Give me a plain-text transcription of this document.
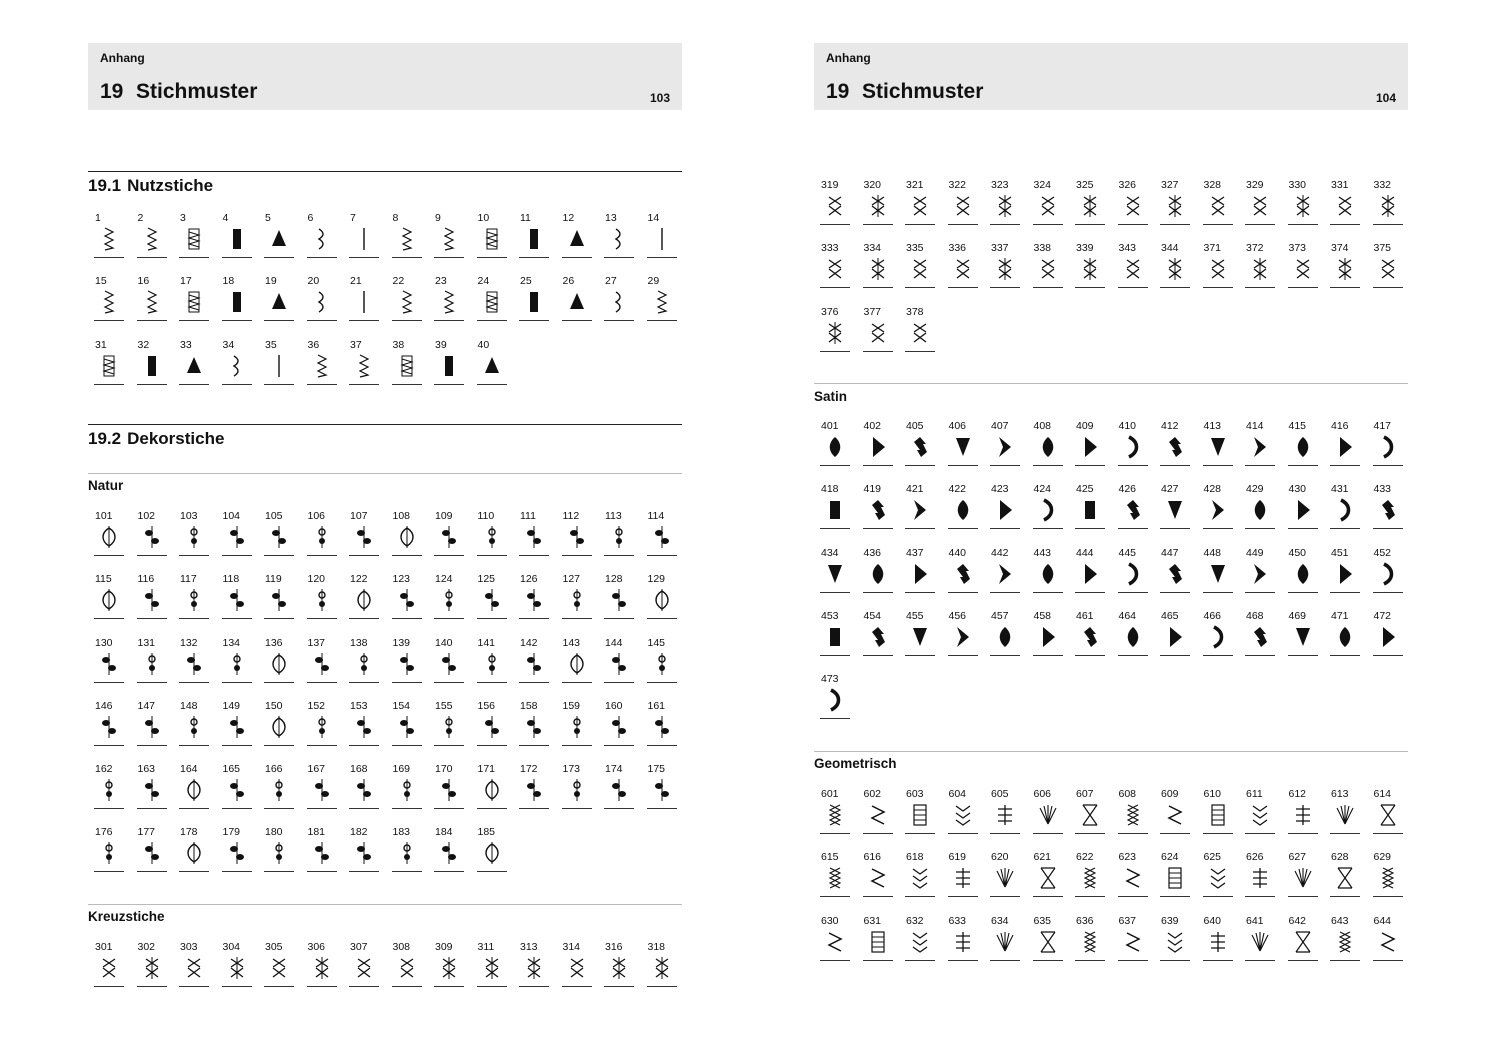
Anhang
19 Stichmuster	103
19.1 Nutzstiche
1	2	3	4	5	6	7	8	9	10	11	12	13	14
15	16	17	18	19	20	21	22	23	24	25	26	27	29
31	32	33	34	35	36	37	38	39	40
19.2 Dekorstiche
Natur
101 102 103 104 105 106 107 108 109 110 111	112 113 114
115 116 117 118 119 120 122 123 124 125 126 127 128 129
130 131 132 134 136 137 138 139 140 141 142 143 144 145
146 147 148 149 150 152 153 154 155 156 158 159 160 161
162 163 164 165 166 167 168 169 170 171 172 173 174 175
176 177 178 179 180 181 182 183 184 185
Kreuzstiche
301 302 303 304 305 306 307 308 309 311 313 314 316 318
Anhang
19 Stichmuster	104
319 320 321 322 323 324 325 326 327 328 329 330 331 332
333 334 335 336 337 338 339 343 344 371 372 373 374 375
376 377 378
Satin
401 402 405 406 407 408 409 410 412 413 414 415 416 417
418 419 421 422 423 424 425 426 427 428 429 430 431 433
434 436 437 440 442 443 444 445 447 448 449 450 451 452
453 454 455 456 457 458 461 464 465 466 468 469 471 472
473
Geometrisch
601 602 603 604 605 606 607 608 609 610 611 612 613 614
615 616 618 619 620 621 622 623 624 625 626 627 628 629
630 631 632 633 634 635 636 637 639 640 641 642 643 644
